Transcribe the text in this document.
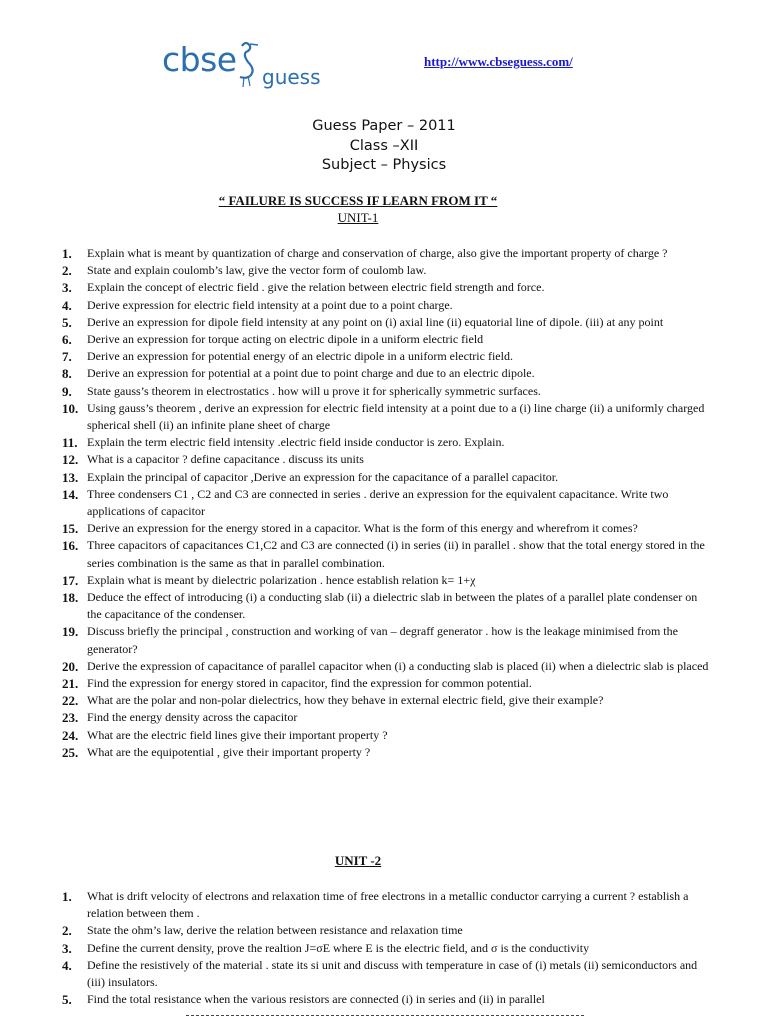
cbse guess
http://www.cbseguess.com/
Guess Paper – 2011
Class –XII
Subject – Physics
“ FAILURE IS SUCCESS IF LEARN FROM IT “
UNIT-1
1.	Explain what is meant by quantization of charge and conservation of charge, also give the important property of charge ?
2.	State and explain coulomb’s law, give the vector form of coulomb law.
3.	Explain the concept of electric field . give the relation between electric field strength and force.
4.	Derive expression for electric field intensity at a point due to a point charge.
5.	Derive an expression for dipole field intensity at any point on (i) axial line (ii) equatorial line of dipole. (iii) at any point
6.	Derive an expression for torque acting on electric dipole in a uniform electric field
7.	Derive an expression for potential energy of an electric dipole in a uniform electric field.
8.	Derive an expression for potential at a point due to point charge and due to an electric dipole.
9.	State gauss’s theorem in electrostatics . how will u prove it for spherically symmetric surfaces.
10. Using gauss’s theorem , derive an expression for electric field intensity at a point due to a (i) line charge (ii) a uniformly charged spherical shell (ii) an infinite plane sheet of charge
11. Explain the term electric field intensity .electric field inside conductor is zero. Explain.
12. What is a capacitor ? define capacitance . discuss its units
13. Explain the principal of capacitor ,Derive an expression for the capacitance of a parallel capacitor.
14. Three condensers C1 , C2 and C3 are connected in series . derive an expression for the equivalent capacitance. Write two applications of capacitor
15. Derive an expression for the energy stored in a capacitor. What is the form of this energy and wherefrom it comes?
16. Three capacitors of capacitances C1,C2 and C3 are connected (i) in series (ii) in parallel . show that the total energy stored in the series combination is the same as that in parallel combination.
17. Explain what is meant by dielectric polarization . hence establish relation k= 1+χ
18. Deduce the effect of introducing (i) a conducting slab (ii) a dielectric slab in between the plates of a parallel plate condenser on the capacitance of the condenser.
19. Discuss briefly the principal , construction and working of van – degraff generator . how is the leakage minimised from the generator?
20. Derive the expression of capacitance of parallel capacitor when (i) a conducting slab is placed (ii) when a dielectric slab is placed
21. Find the expression for energy stored in capacitor, find the expression for common potential.
22. What are the polar and non-polar dielectrics, how they behave in external electric field, give their example?
23. Find the energy density across the capacitor
24. What are the electric field lines give their important property ?
25. What are the equipotential , give their important property ?
UNIT -2
1.	What is drift velocity of electrons and relaxation time of free electrons in a metallic conductor carrying a current ? establish a relation between them .
2.	State the ohm’s law, derive the relation between resistance and relaxation time
3.	Define the current density, prove the realtion J=σE where E is the electric field, and σ is the conductivity
4.	Define the resistively of the material . state its si unit and discuss with temperature in case of (i) metals (ii) semiconductors and (iii) insulators.
5.	Find the total resistance when the various resistors are connected (i) in series and (ii) in parallel
